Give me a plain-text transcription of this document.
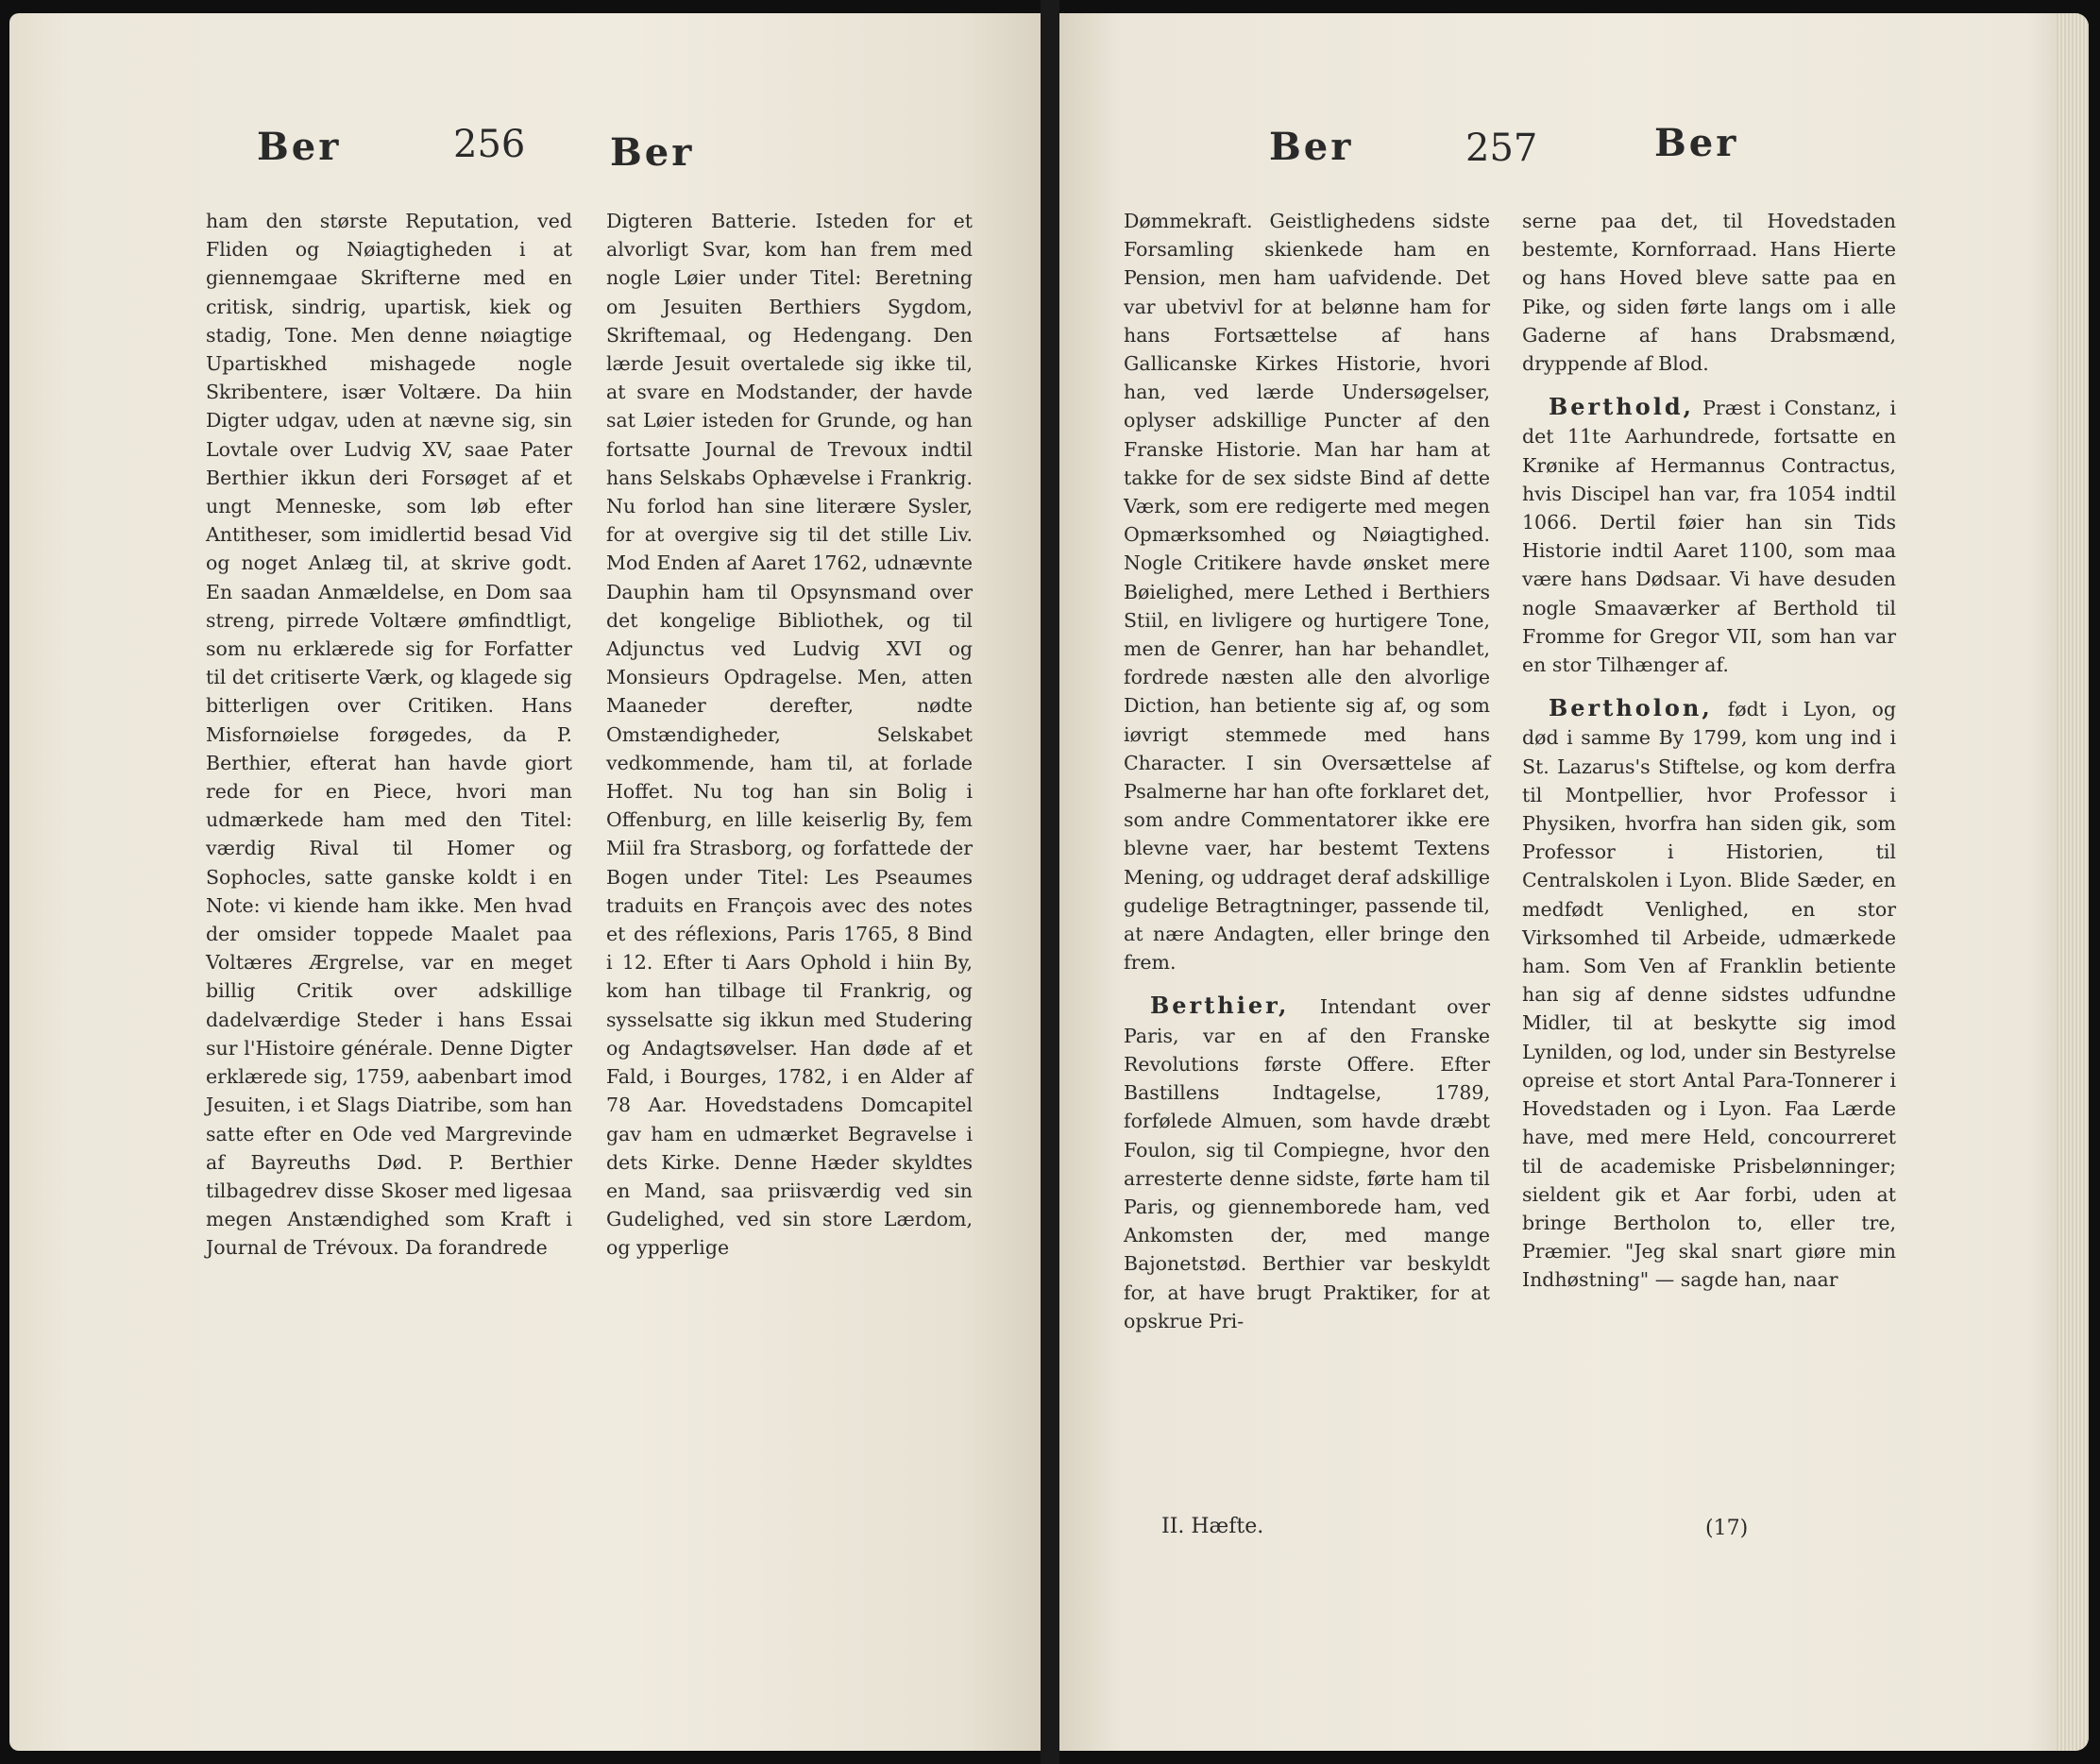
Ber	256 Ber

ham den største Reputation, ved Fliden og Nøiagtigheden i at giennemgaae Skrifterne med en critisk, sindrig, upartisk, kiek og stadig, Tone. Men denne nøiagtige Upartiskhed mishagede nogle Skribentere, især Voltære. Da hiin Digter udgav, uden at nævne sig, sin Lovtale over Ludvig XV, saae Pater Berthier ikkun deri Forsøget af et ungt Menneske, som løb efter Antitheser, som imidlertid besad Vid og noget Anlæg til, at skrive godt. En saadan Anmældelse, en Dom saa streng, pirrede Voltære ømfindtligt, som nu erklærede sig for Forfatter til det critiserte Værk, og klagede sig bitterligen over Critiken. Hans Misfornøielse forøgedes, da P. Berthier, efterat han havde giort rede for en Piece, hvori man udmærkede ham med den Titel: værdig Rival til Homer og Sophocles, satte ganske koldt i en Note: vi kiende ham ikke. Men hvad der omsider toppede Maalet paa Voltæres Ærgrelse, var en meget billig Critik over adskillige dadelværdige Steder i hans Essai sur l'Histoire générale. Denne Digter erklærede sig, 1759, aabenbart imod Jesuiten, i et Slags Diatribe, som han satte efter en Ode ved Margrevinde af Bayreuths Død. P. Berthier tilbagedrev disse Skoser med ligesaa megen Anstændighed som Kraft i Journal de Trévoux. Da forandrede

Digteren Batterie. Isteden for et alvorligt Svar, kom han frem med nogle Løier under Titel: Beretning om Jesuiten Berthiers Sygdom, Skriftemaal, og Hedengang. Den lærde Jesuit overtalede sig ikke til, at svare en Modstander, der havde sat Løier isteden for Grunde, og han fortsatte Journal de Trevoux indtil hans Selskabs Ophævelse i Frankrig. Nu forlod han sine literære Sysler, for at overgive sig til det stille Liv. Mod Enden af Aaret 1762, udnævnte Dauphin ham til Opsynsmand over det kongelige Bibliothek, og til Adjunctus ved Ludvig XVI og Monsieurs Opdragelse. Men, atten Maaneder derefter, nødte Omstændigheder, Selskabet vedkommende, ham til, at forlade Hoffet. Nu tog han sin Bolig i Offenburg, en lille keiserlig By, fem Miil fra Strasborg, og forfattede der Bogen under Titel: Les Pseaumes traduits en François avec des notes et des réflexions, Paris 1765, 8 Bind i 12. Efter ti Aars Ophold i hiin By, kom han tilbage til Frankrig, og sysselsatte sig ikkun med Studering og Andagtsøvelser. Han døde af et Fald, i Bourges, 1782, i en Alder af 78 Aar. Hovedstadens Domcapitel gav ham en udmærket Begravelse i dets Kirke. Denne Hæder skyldtes en Mand, saa priisværdig ved sin Gudelighed, ved sin store Lærdom, og ypperlige

Ber	257	Ber

Dømmekraft. Geistlighedens sidste Forsamling skienkede ham en Pension, men ham uafvidende. Det var ubetvivl for at belønne ham for hans Fortsættelse af hans Gallicanske Kirkes Historie, hvori han, ved lærde Undersøgelser, oplyser adskillige Puncter af den Franske Historie. Man har ham at takke for de sex sidste Bind af dette Værk, som ere redigerte med megen Opmærksomhed og Nøiagtighed. Nogle Critikere havde ønsket mere Bøielighed, mere Lethed i Berthiers Stiil, en livligere og hurtigere Tone, men de Genrer, han har behandlet, fordrede næsten alle den alvorlige Diction, han betiente sig af, og som iøvrigt stemmede med hans Character. I sin Oversættelse af Psalmerne har han ofte forklaret det, som andre Commentatorer ikke ere blevne vaer, har bestemt Textens Mening, og uddraget deraf adskillige gudelige Betragtninger, passende til, at nære Andagten, eller bringe den frem.

Berthier, Intendant over Paris, var en af den Franske Revolutions første Offere. Efter Bastillens Indtagelse, 1789, forfølede Almuen, som havde dræbt Foulon, sig til Compiegne, hvor den arresterte denne sidste, førte ham til Paris, og giennemborede ham, ved Ankomsten der, med mange Bajonetstød. Berthier var beskyldt for, at have brugt Praktiker, for at opskrue Pri-

II. Hæfte.

serne paa det, til Hovedstaden bestemte, Kornforraad. Hans Hierte og hans Hoved bleve satte paa en Pike, og siden førte langs om i alle Gaderne af hans Drabsmænd, dryppende af Blod.

Berthold, Præst i Constanz, i det 11te Aarhundrede, fortsatte en Krønike af Hermannus Contractus, hvis Discipel han var, fra 1054 indtil 1066. Dertil føier han sin Tids Historie indtil Aaret 1100, som maa være hans Dødsaar. Vi have desuden nogle Smaaværker af Berthold til Fromme for Gregor VII, som han var en stor Tilhænger af.

Bertholon, født i Lyon, og død i samme By 1799, kom ung ind i St. Lazarus's Stiftelse, og kom derfra til Montpellier, hvor Professor i Physiken, hvorfra han siden gik, som Professor i Historien, til Centralskolen i Lyon. Blide Sæder, en medfødt Venlighed, en stor Virksomhed til Arbeide, udmærkede ham. Som Ven af Franklin betiente han sig af denne sidstes udfundne Midler, til at beskytte sig imod Lynilden, og lod, under sin Bestyrelse opreise et stort Antal Para-Tonnerer i Hovedstaden og i Lyon. Faa Lærde have, med mere Held, concourreret til de academiske Prisbelønninger; sieldent gik et Aar forbi, uden at bringe Bertholon to, eller tre, Præmier. "Jeg skal snart giøre min Indhøstning" — sagde han, naar

(17)
